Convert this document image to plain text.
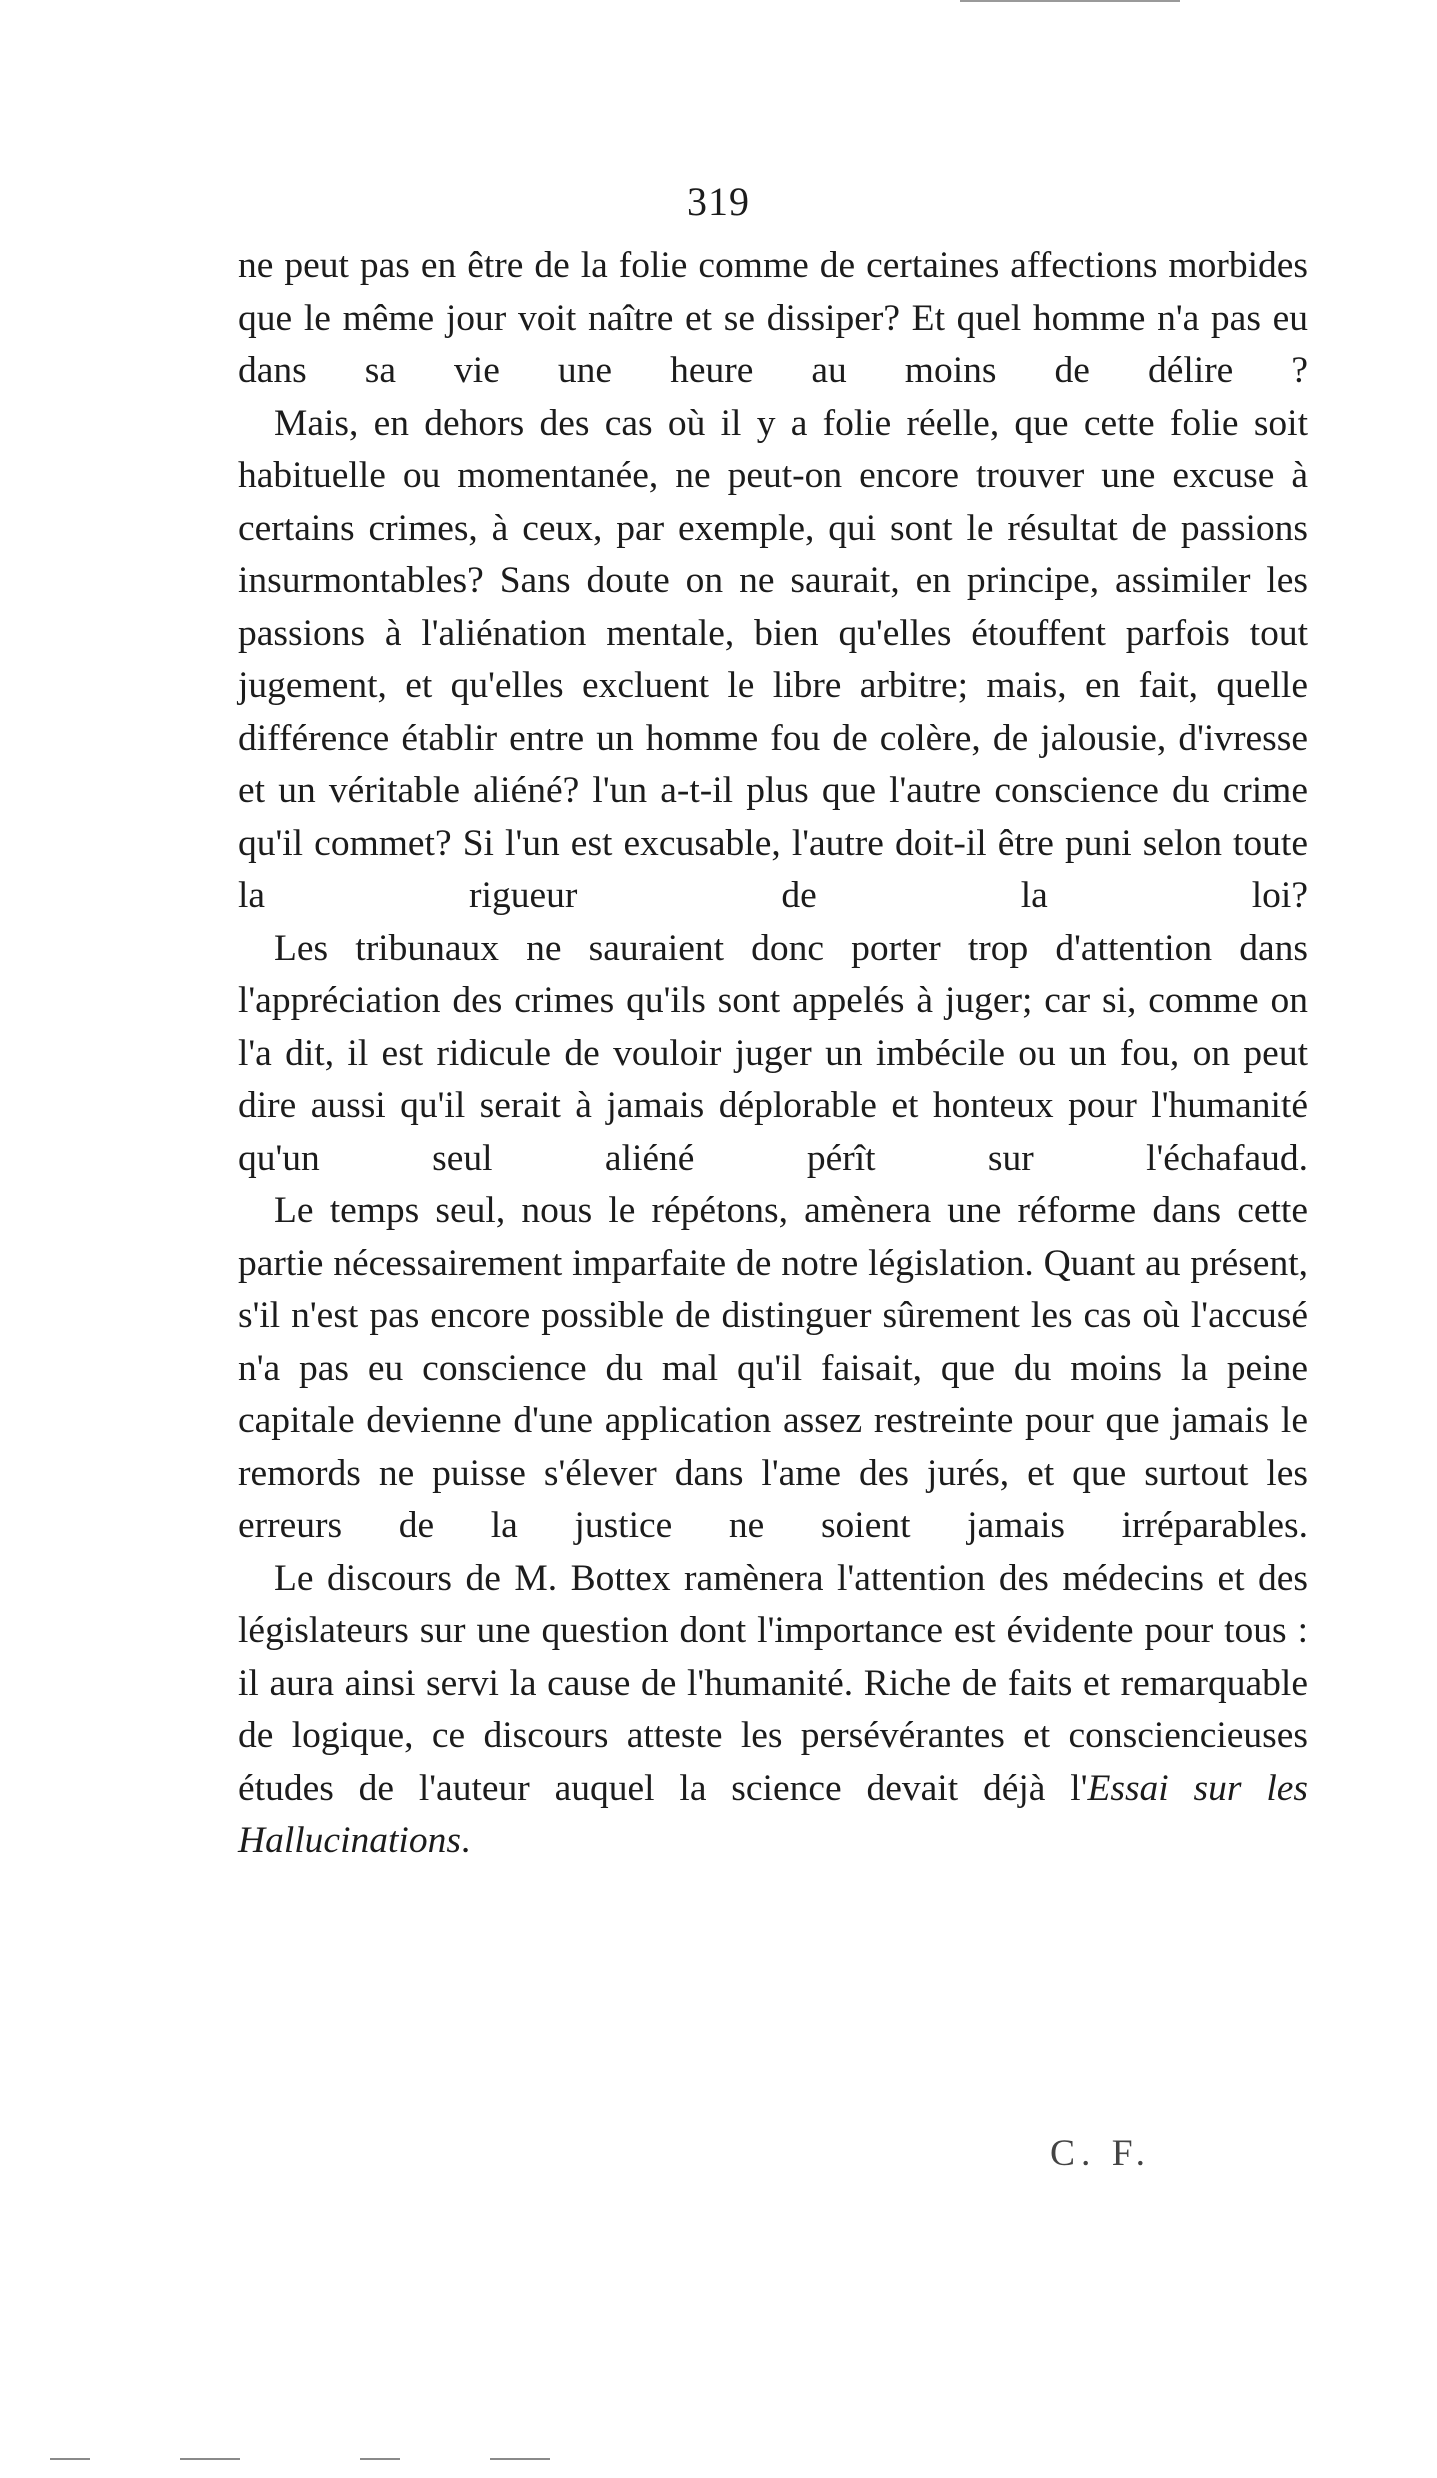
319

ne peut pas en être de la folie comme de certaines affections morbides que le même jour voit naître et se dissiper? Et quel homme n'a pas eu dans sa vie une heure au moins de délire ?

Mais, en dehors des cas où il y a folie réelle, que cette folie soit habituelle ou momentanée, ne peut-on encore trouver une excuse à certains crimes, à ceux, par exemple, qui sont le résultat de passions insurmontables? Sans doute on ne saurait, en principe, assimiler les passions à l'aliénation mentale, bien qu'elles étouffent parfois tout jugement, et qu'elles excluent le libre arbitre; mais, en fait, quelle différence établir entre un homme fou de colère, de jalousie, d'ivresse et un véritable aliéné? l'un a-t-il plus que l'autre conscience du crime qu'il commet? Si l'un est excusable, l'autre doit-il être puni selon toute la rigueur de la loi?

Les tribunaux ne sauraient donc porter trop d'attention dans l'appréciation des crimes qu'ils sont appelés à juger; car si, comme on l'a dit, il est ridicule de vouloir juger un imbécile ou un fou, on peut dire aussi qu'il serait à jamais déplorable et honteux pour l'humanité qu'un seul aliéné pérît sur l'échafaud.

Le temps seul, nous le répétons, amènera une réforme dans cette partie nécessairement imparfaite de notre législation. Quant au présent, s'il n'est pas encore possible de distinguer sûrement les cas où l'accusé n'a pas eu conscience du mal qu'il faisait, que du moins la peine capitale devienne d'une application assez restreinte pour que jamais le remords ne puisse s'élever dans l'ame des jurés, et que surtout les erreurs de la justice ne soient jamais irréparables.

Le discours de M. Bottex ramènera l'attention des médecins et des législateurs sur une question dont l'importance est évidente pour tous : il aura ainsi servi la cause de l'humanité. Riche de faits et remarquable de logique, ce discours atteste les persévérantes et consciencieuses études de l'auteur auquel la science devait déjà l'Essai sur les Hallucinations.

C. F.
